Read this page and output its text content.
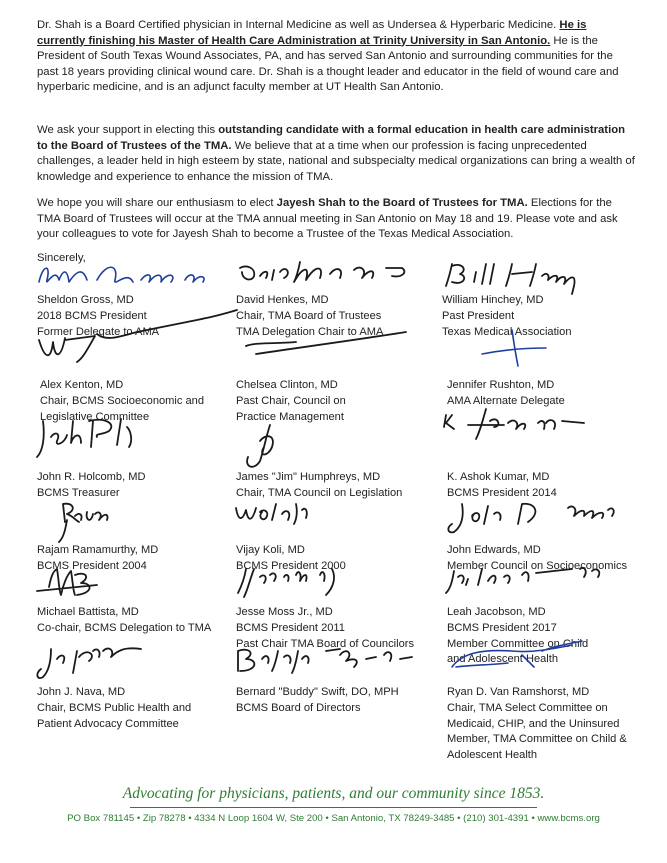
Dr. Shah is a Board Certified physician in Internal Medicine as well as Undersea & Hyperbaric Medicine. He is currently finishing his Master of Health Care Administration at Trinity University in San Antonio. He is the President of South Texas Wound Associates, PA, and has served San Antonio and surrounding communities for the past 18 years providing clinical wound care. Dr. Shah is a thought leader and educator in the field of wound care and hyperbaric medicine, and is an adjunct faculty member at UT Health San Antonio.

We ask your support in electing this outstanding candidate with a formal education in health care administration to the Board of Trustees of the TMA. We believe that at a time when our profession is facing unprecedented challenges, a leader held in high esteem by state, national and subspecialty medical organizations can bring a wealth of knowledge and experience to enhance the mission of TMA.

We hope you will share our enthusiasm to elect Jayesh Shah to the Board of Trustees for TMA. Elections for the TMA Board of Trustees will occur at the TMA annual meeting in San Antonio on May 18 and 19. Please vote and ask your colleagues to vote for Jayesh Shah to become a Trustee of the Texas Medical Association.

Sincerely,
Sheldon Gross, MD
2018 BCMS President
Former Delegate to AMA
David Henkes, MD
Chair, TMA Board of Trustees
TMA Delegation Chair to AMA
William Hinchey, MD
Past President
Texas Medical Association
Alex Kenton, MD
Chair, BCMS Socioeconomic and
Legislative Committee
Chelsea Clinton, MD
Past Chair, Council on
Practice Management
Jennifer Rushton, MD
AMA Alternate Delegate
John R. Holcomb, MD
BCMS Treasurer
James "Jim" Humphreys, MD
Chair, TMA Council on Legislation
K. Ashok Kumar, MD
BCMS President 2014
Rajam Ramamurthy, MD
BCMS President 2004
Vijay Koli, MD
BCMS President 2000
John Edwards, MD
Member Council on Socioeconomics
Michael Battista, MD
Co-chair, BCMS Delegation to TMA
Jesse Moss Jr., MD
BCMS President 2011
Past Chair TMA Board of Councilors
Leah Jacobson, MD
BCMS President 2017
Member Committee on Child
and Adolescent Health
John J. Nava, MD
Chair, BCMS Public Health and
Patient Advocacy Committee
Bernard "Buddy" Swift, DO, MPH
BCMS Board of Directors
Ryan D. Van Ramshorst, MD
Chair, TMA Select Committee on
Medicaid, CHIP, and the Uninsured
Member, TMA Committee on Child &
Adolescent Health
Advocating for physicians, patients, and our community since 1853.
PO Box 781145 • Zip 78278 • 4334 N Loop 1604 W, Ste 200 • San Antonio, TX 78249-3485 • (210) 301-4391 • www.bcms.org
